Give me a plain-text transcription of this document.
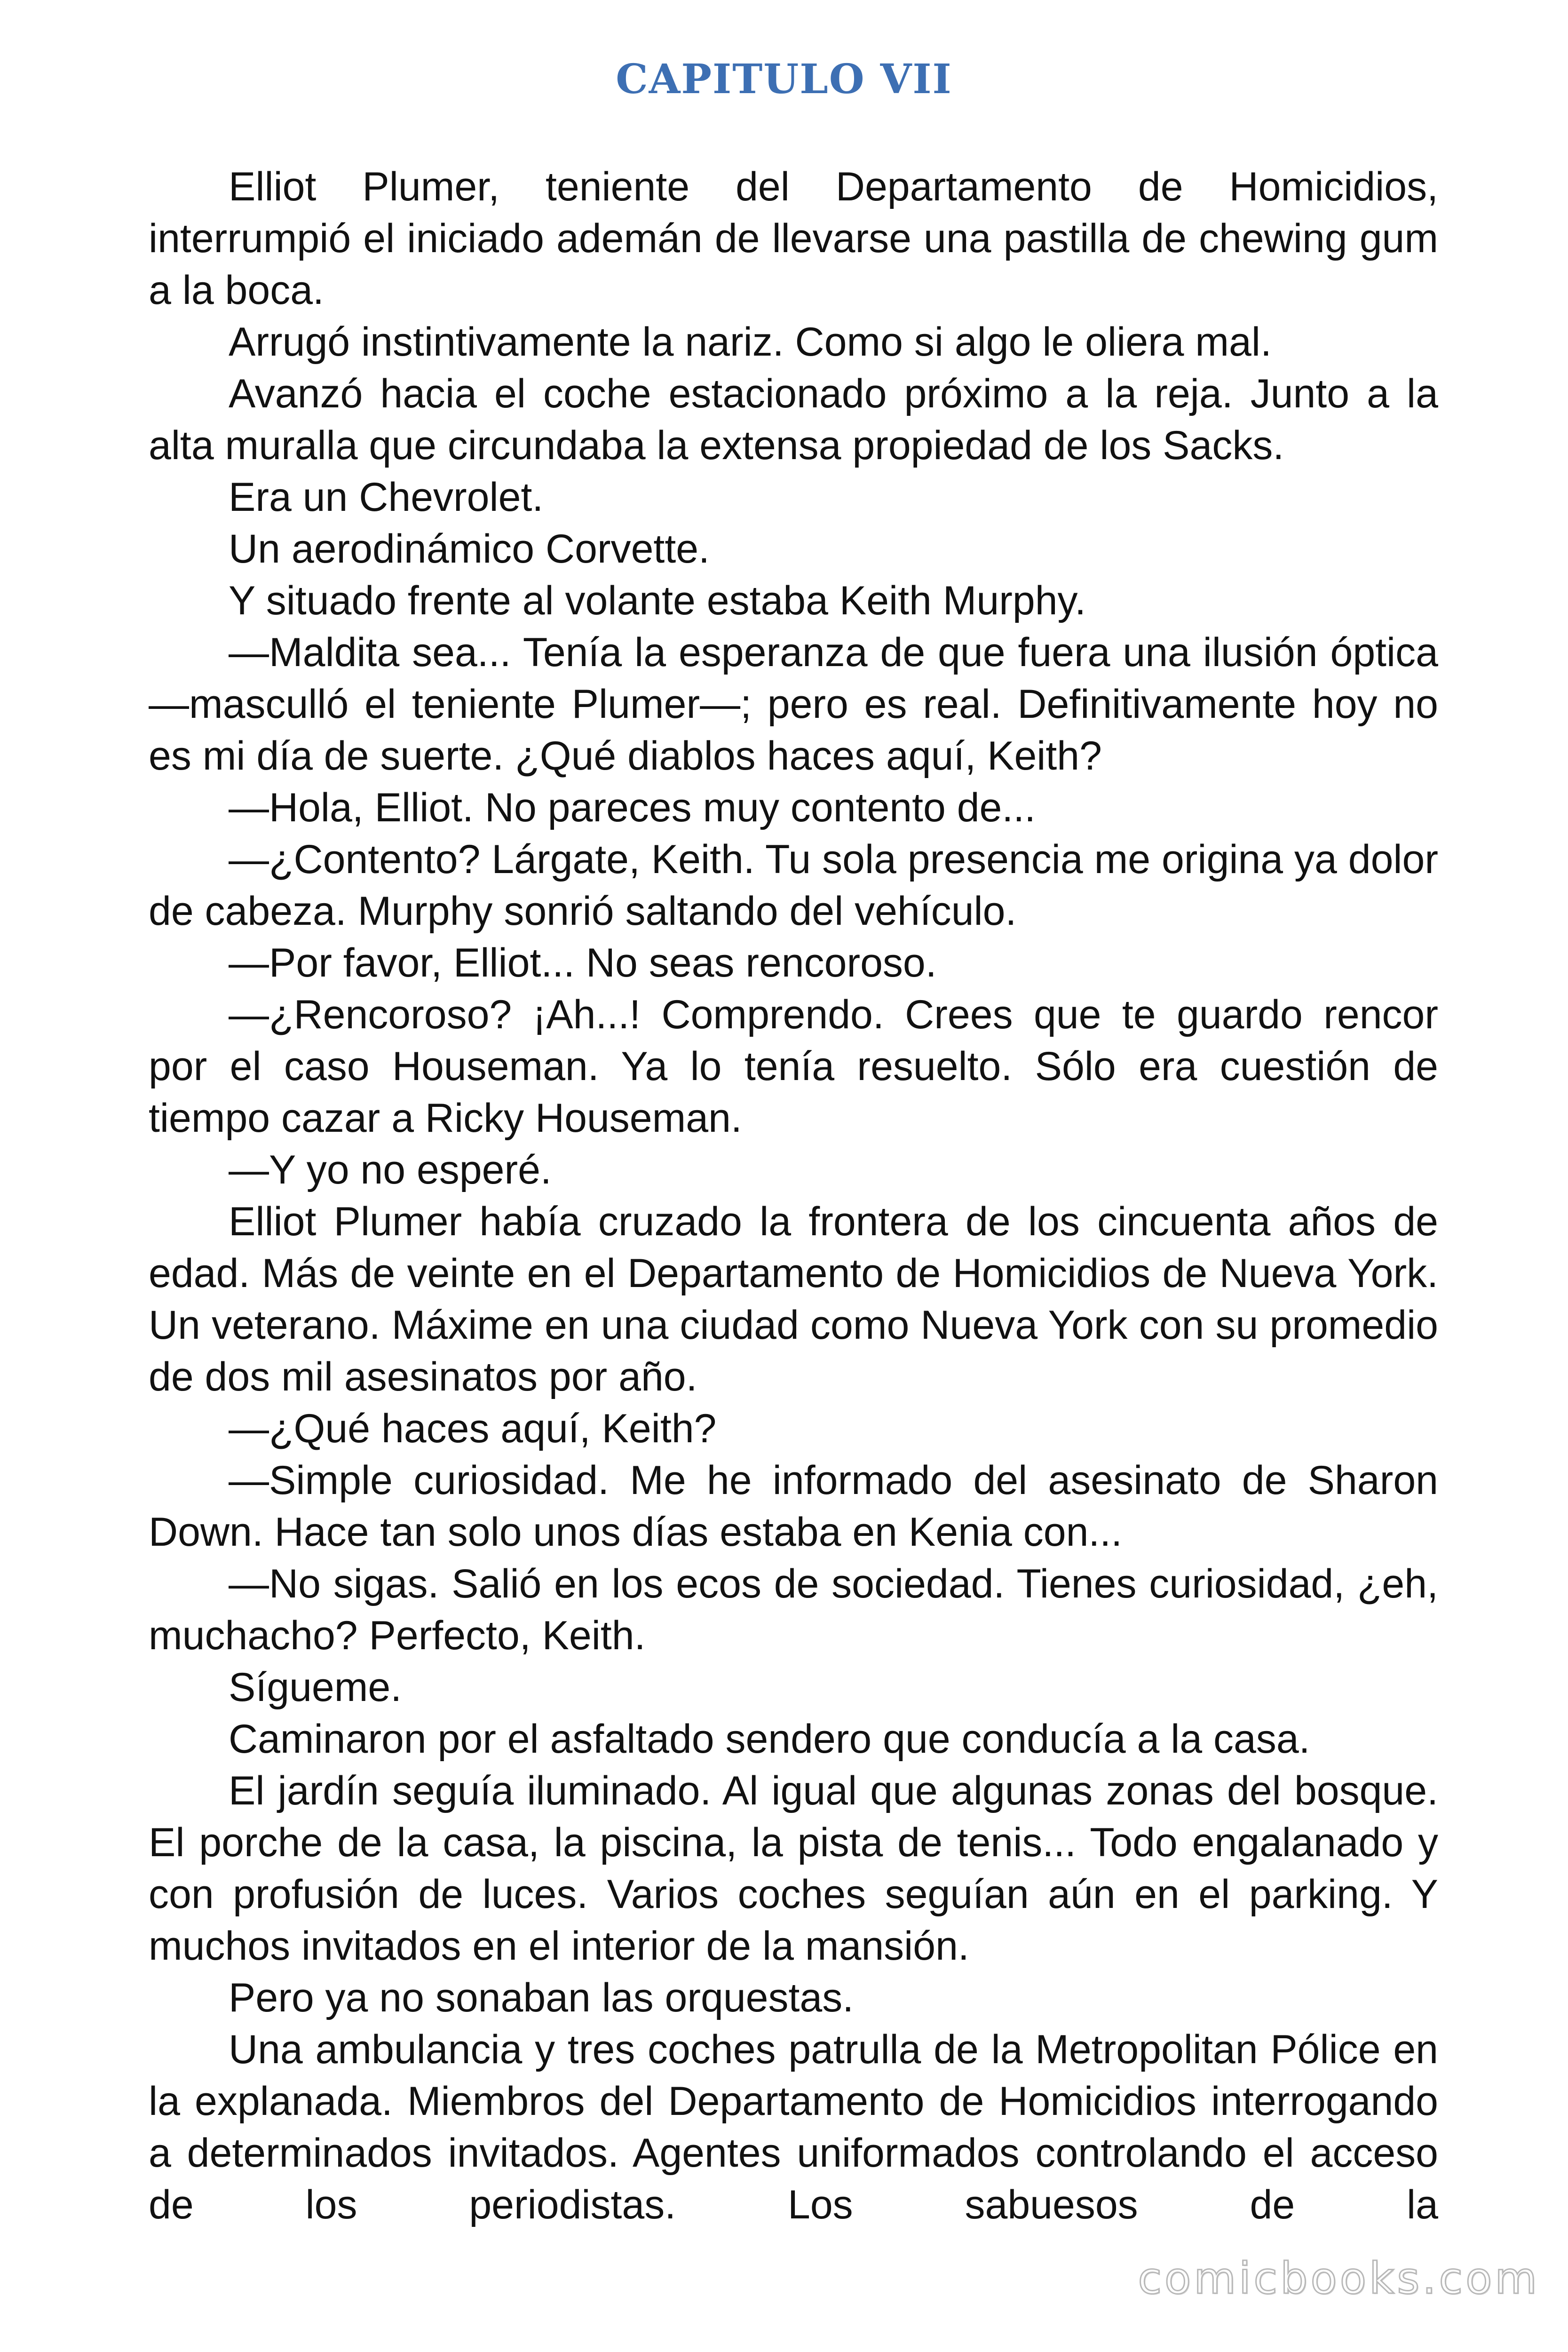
CAPITULO VII

Elliot Plumer, teniente del Departamento de Homicidios, interrumpió el iniciado ademán de llevarse una pastilla de chewing gum a la boca.

Arrugó instintivamente la nariz. Como si algo le oliera mal.

Avanzó hacia el coche estacionado próximo a la reja. Junto a la alta muralla que circundaba la extensa propiedad de los Sacks.

Era un Chevrolet.

Un aerodinámico Corvette.

Y situado frente al volante estaba Keith Murphy.

—Maldita sea... Tenía la esperanza de que fuera una ilusión óptica —masculló el teniente Plumer—; pero es real. Definitivamente hoy no es mi día de suerte. ¿Qué diablos haces aquí, Keith?

—Hola, Elliot. No pareces muy contento de...

—¿Contento? Lárgate, Keith. Tu sola presencia me origina ya dolor de cabeza. Murphy sonrió saltando del vehículo.

—Por favor, Elliot... No seas rencoroso.

—¿Rencoroso? ¡Ah...! Comprendo. Crees que te guardo rencor por el caso Houseman. Ya lo tenía resuelto. Sólo era cuestión de tiempo cazar a Ricky Houseman.

—Y yo no esperé.

Elliot Plumer había cruzado la frontera de los cincuenta años de edad. Más de veinte en el Departamento de Homicidios de Nueva York. Un veterano. Máxime en una ciudad como Nueva York con su promedio de dos mil asesinatos por año.

—¿Qué haces aquí, Keith?

—Simple curiosidad. Me he informado del asesinato de Sharon Down. Hace tan solo unos días estaba en Kenia con...

—No sigas. Salió en los ecos de sociedad. Tienes curiosidad, ¿eh, muchacho? Perfecto, Keith.

Sígueme.

Caminaron por el asfaltado sendero que conducía a la casa.

El jardín seguía iluminado. Al igual que algunas zonas del bosque. El porche de la casa, la piscina, la pista de tenis... Todo engalanado y con profusión de luces. Varios coches seguían aún en el parking. Y muchos invitados en el interior de la mansión.

Pero ya no sonaban las orquestas.

Una ambulancia y tres coches patrulla de la Metropolitan Pólice en la explanada. Miembros del Departamento de Homicidios interrogando a determinados invitados. Agentes uniformados controlando el acceso de los periodistas. Los sabuesos de la

comicbooks.com
